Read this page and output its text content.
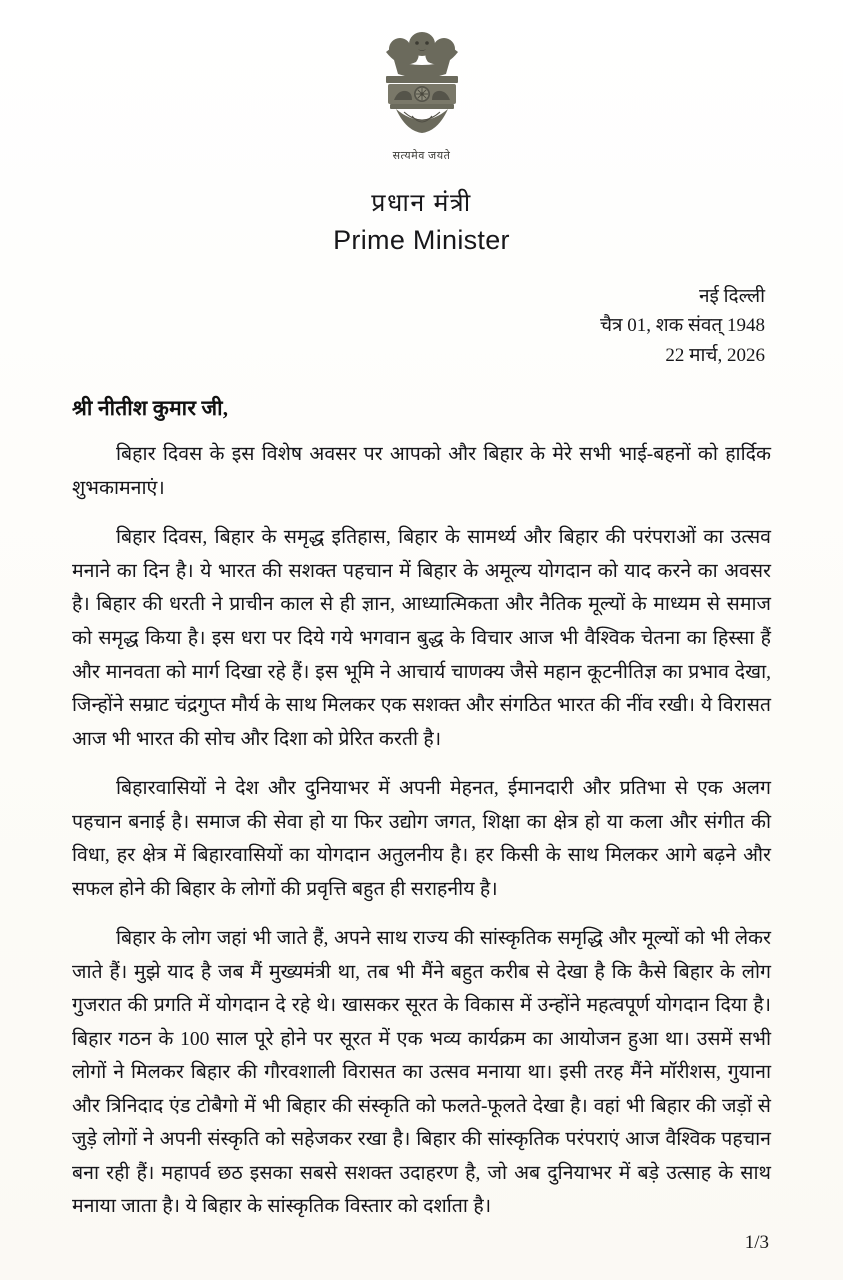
सत्यमेव जयते
प्रधान मंत्री
Prime Minister
नई दिल्ली
चैत्र 01, शक संवत् 1948
22 मार्च, 2026
श्री नीतीश कुमार जी,

बिहार दिवस के इस विशेष अवसर पर आपको और बिहार के मेरे सभी भाई-बहनों को हार्दिक शुभकामनाएं।

बिहार दिवस, बिहार के समृद्ध इतिहास, बिहार के सामर्थ्य और बिहार की परंपराओं का उत्सव मनाने का दिन है। ये भारत की सशक्त पहचान में बिहार के अमूल्य योगदान को याद करने का अवसर है। बिहार की धरती ने प्राचीन काल से ही ज्ञान, आध्यात्मिकता और नैतिक मूल्यों के माध्यम से समाज को समृद्ध किया है। इस धरा पर दिये गये भगवान बुद्ध के विचार आज भी वैश्विक चेतना का हिस्सा हैं और मानवता को मार्ग दिखा रहे हैं। इस भूमि ने आचार्य चाणक्य जैसे महान कूटनीतिज्ञ का प्रभाव देखा, जिन्होंने सम्राट चंद्रगुप्त मौर्य के साथ मिलकर एक सशक्त और संगठित भारत की नींव रखी। ये विरासत आज भी भारत की सोच और दिशा को प्रेरित करती है।

बिहारवासियों ने देश और दुनियाभर में अपनी मेहनत, ईमानदारी और प्रतिभा से एक अलग पहचान बनाई है। समाज की सेवा हो या फिर उद्योग जगत, शिक्षा का क्षेत्र हो या कला और संगीत की विधा, हर क्षेत्र में बिहारवासियों का योगदान अतुलनीय है। हर किसी के साथ मिलकर आगे बढ़ने और सफल होने की बिहार के लोगों की प्रवृत्ति बहुत ही सराहनीय है।

बिहार के लोग जहां भी जाते हैं, अपने साथ राज्य की सांस्कृतिक समृद्धि और मूल्यों को भी लेकर जाते हैं। मुझे याद है जब मैं मुख्यमंत्री था, तब भी मैंने बहुत करीब से देखा है कि कैसे बिहार के लोग गुजरात की प्रगति में योगदान दे रहे थे। खासकर सूरत के विकास में उन्होंने महत्वपूर्ण योगदान दिया है। बिहार गठन के 100 साल पूरे होने पर सूरत में एक भव्य कार्यक्रम का आयोजन हुआ था। उसमें सभी लोगों ने मिलकर बिहार की गौरवशाली विरासत का उत्सव मनाया था। इसी तरह मैंने मॉरीशस, गुयाना और त्रिनिदाद एंड टोबैगो में भी बिहार की संस्कृति को फलते-फूलते देखा है। वहां भी बिहार की जड़ों से जुड़े लोगों ने अपनी संस्कृति को सहेजकर रखा है। बिहार की सांस्कृतिक परंपराएं आज वैश्विक पहचान बना रही हैं। महापर्व छठ इसका सबसे सशक्त उदाहरण है, जो अब दुनियाभर में बड़े उत्साह के साथ मनाया जाता है। ये बिहार के सांस्कृतिक विस्तार को दर्शाता है।

1/3
